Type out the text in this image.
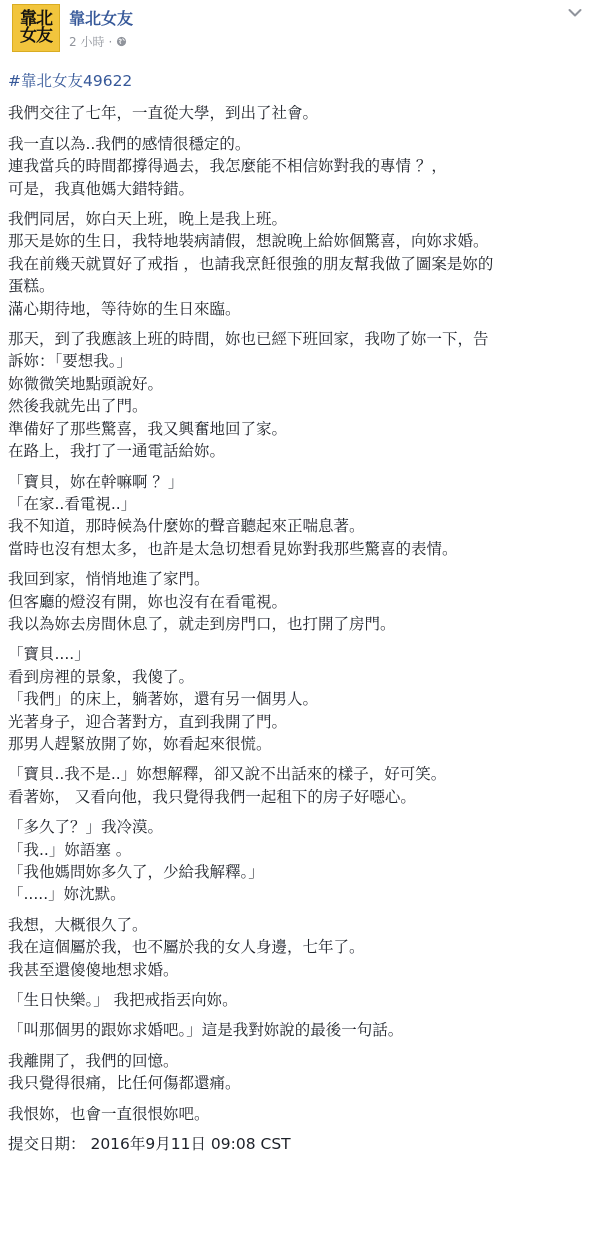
靠北
女友
靠北女友
2 小時 ·
#靠北女友49622

我們交往了七年，一直從大學，到出了社會。

我一直以為..我們的感情很穩定的。
連我當兵的時間都撐得過去，我怎麼能不相信妳對我的專情 ？，
可是，我真他媽大錯特錯。

我們同居，妳白天上班，晚上是我上班。
那天是妳的生日，我特地裝病請假，想說晚上給妳個驚喜，向妳求婚。
我在前幾天就買好了戒指 ，也請我烹飪很強的朋友幫我做了圖案是妳的
蛋糕。
滿心期待地，等待妳的生日來臨。

那天，到了我應該上班的時間，妳也已經下班回家，我吻了妳一下，告
訴妳：「要想我。」
妳微微笑地點頭說好。
然後我就先出了門。
準備好了那些驚喜，我又興奮地回了家。
在路上，我打了一通電話給妳。

「寶貝，妳在幹嘛啊 ？」
「在家..看電視..」
我不知道，那時候為什麼妳的聲音聽起來正喘息著。
當時也沒有想太多，也許是太急切想看見妳對我那些驚喜的表情。

我回到家，悄悄地進了家門。
但客廳的燈沒有開，妳也沒有在看電視。
我以為妳去房間休息了，就走到房門口，也打開了房門。

「寶貝....」
看到房裡的景象，我傻了。
「我們」的床上，躺著妳，還有另一個男人。
光著身子，迎合著對方，直到我開了門。
那男人趕緊放開了妳，妳看起來很慌。

「寶貝..我不是..」妳想解釋，卻又說不出話來的樣子，好可笑。
看著妳， 又看向他，我只覺得我們一起租下的房子好噁心。

「多久了？」我冷漠。
「我..」妳語塞 。
「我他媽問妳多久了，少給我解釋。」
「.....」妳沈默。

我想，大概很久了。
我在這個屬於我，也不屬於我的女人身邊，七年了。
我甚至還傻傻地想求婚。

「生日快樂。」 我把戒指丟向妳。

「叫那個男的跟妳求婚吧。」這是我對妳說的最後一句話。

我離開了，我們的回憶。
我只覺得很痛，比任何傷都還痛。

我恨妳，也會一直很恨妳吧。

提交日期： 2016年9月11日 09:08 CST
